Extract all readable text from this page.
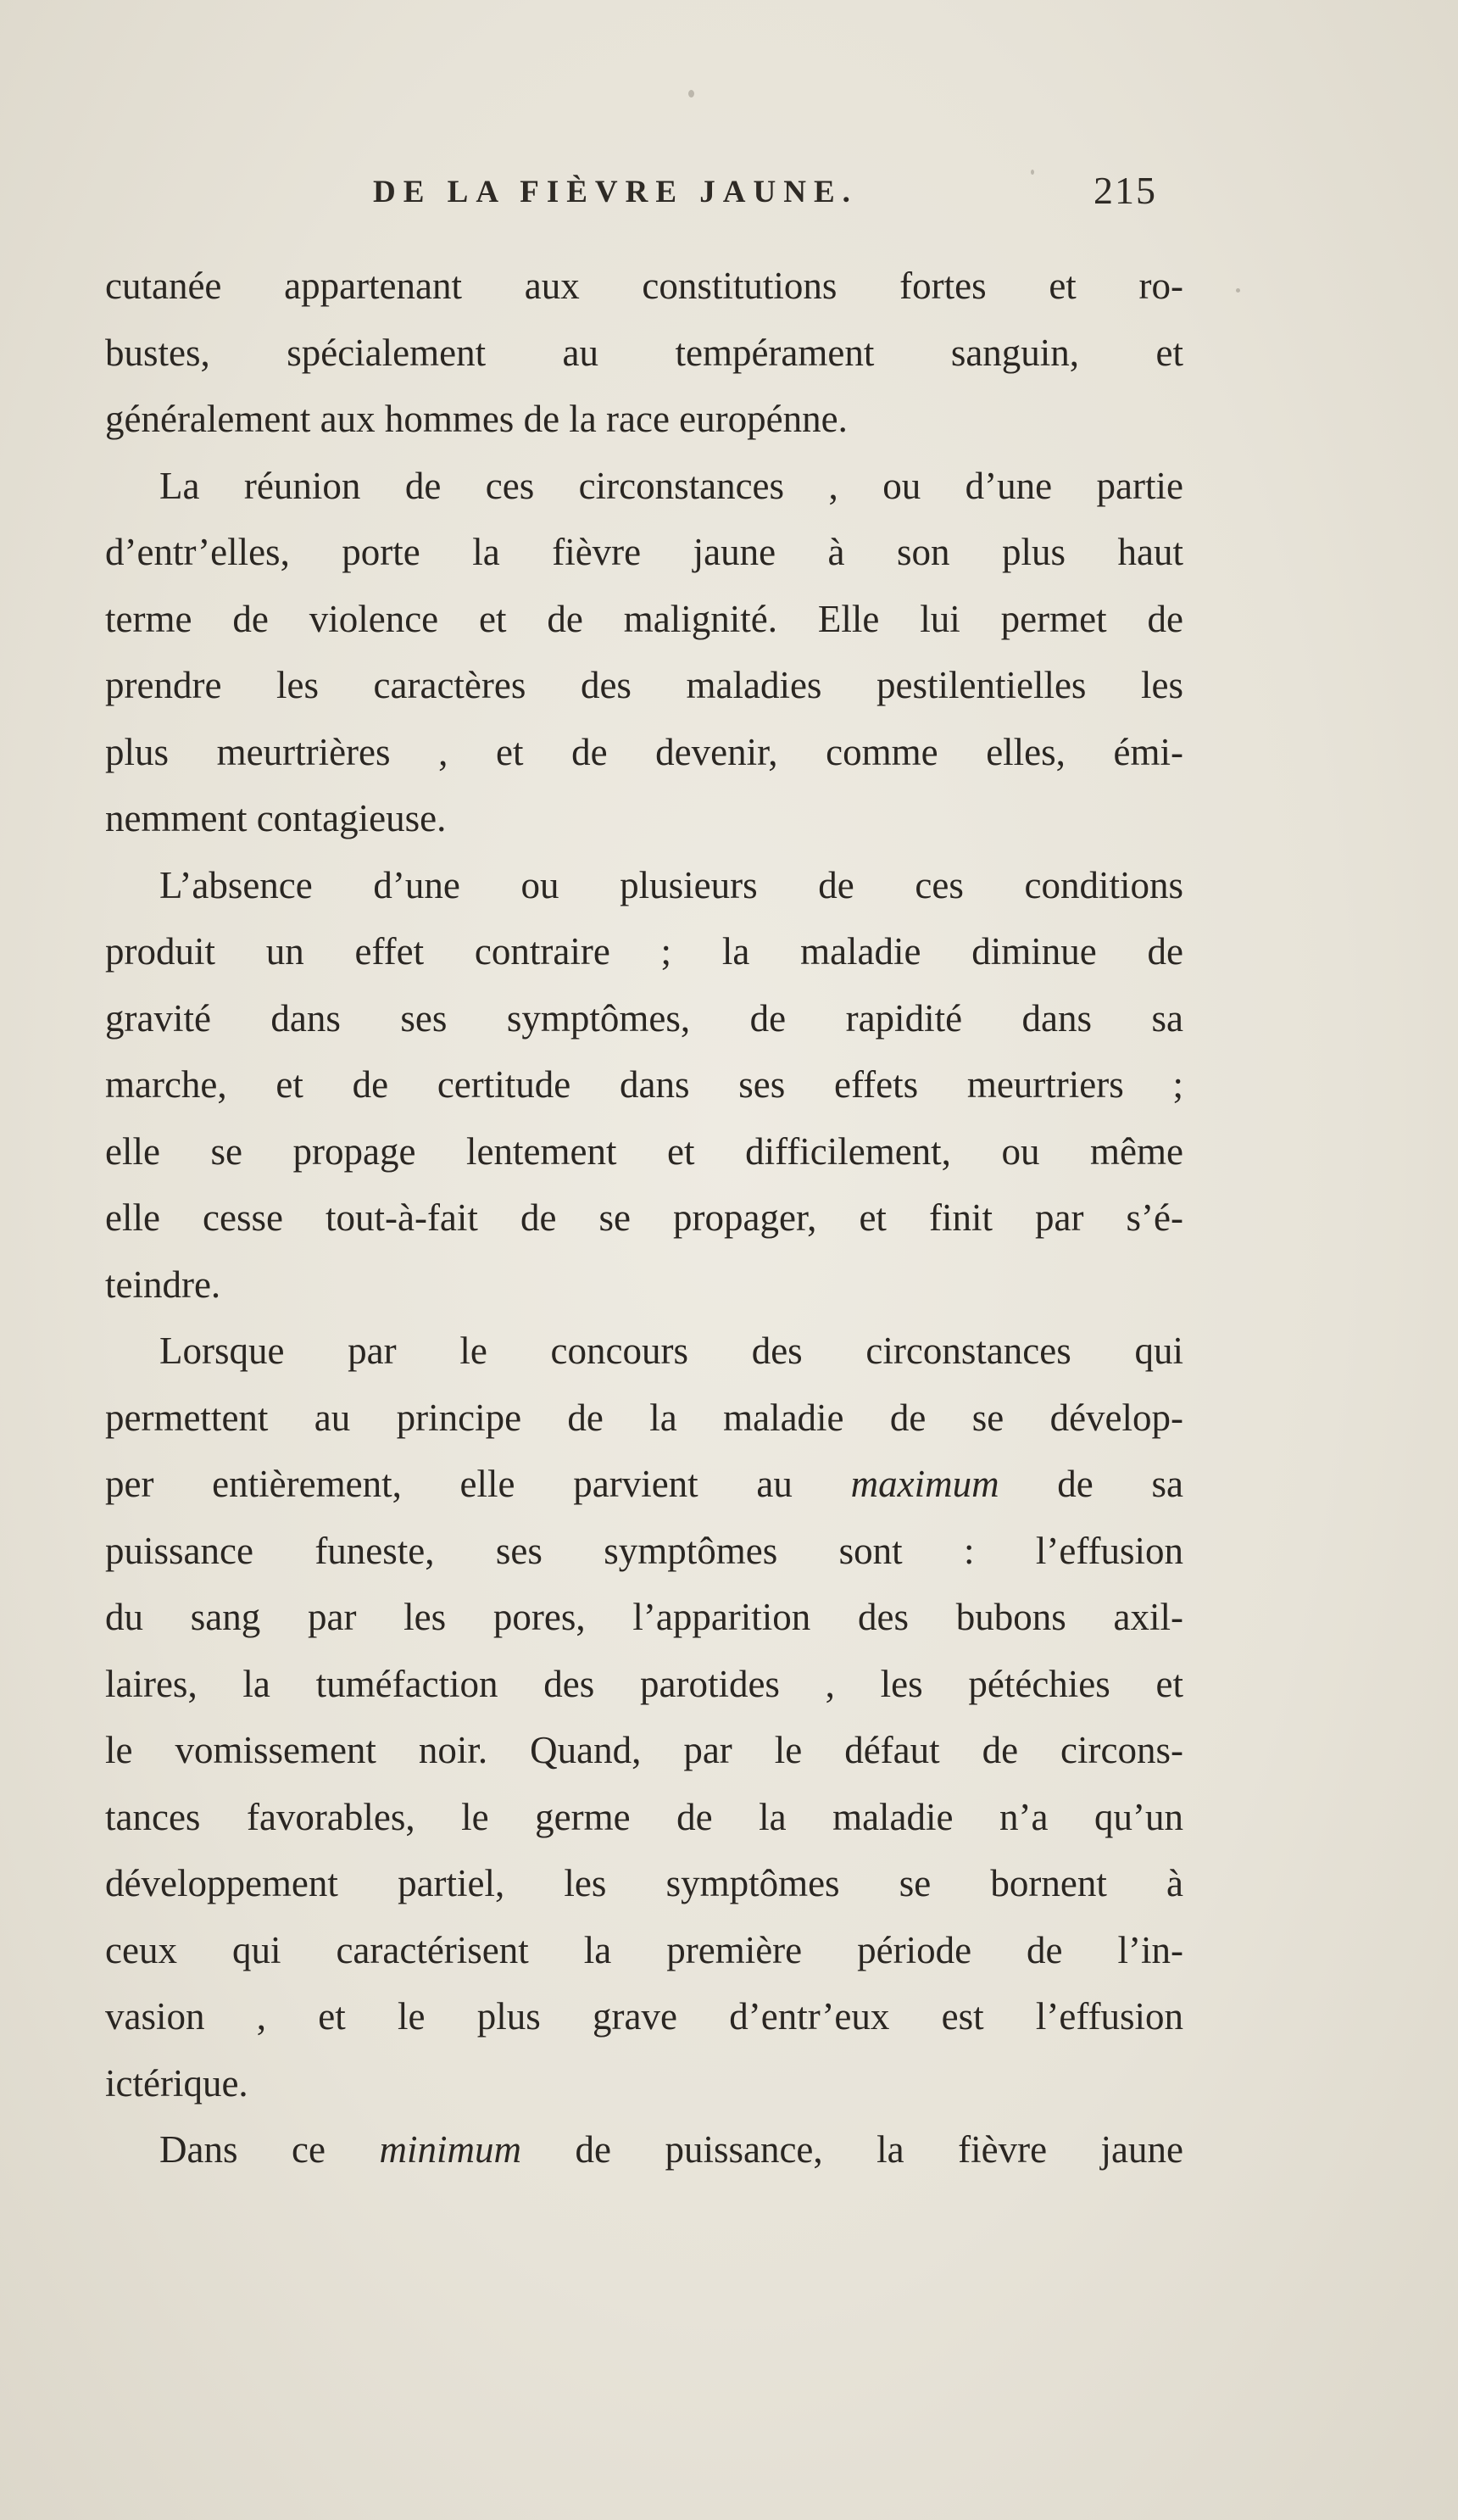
DE LA FIÈVRE JAUNE.	215
cutanée appartenant aux constitutions fortes et ro-
bustes, spécialement au tempérament sanguin, et
généralement aux hommes de la race europénne.
La réunion de ces circonstances , ou d’une partie
d’entr’elles, porte la fièvre jaune à son plus haut
terme de violence et de malignité. Elle lui permet de
prendre les caractères des maladies pestilentielles les
plus meurtrières , et de devenir, comme elles, émi-
nemment contagieuse.
L’absence d’une ou plusieurs de ces conditions
produit un effet contraire ; la maladie diminue de
gravité dans ses symptômes, de rapidité dans sa
marche, et de certitude dans ses effets meurtriers ;
elle se propage lentement et difficilement, ou même
elle cesse tout-à-fait de se propager, et finit par s’é-
teindre.
Lorsque par le concours des circonstances qui
permettent au principe de la maladie de se dévelop-
per entièrement, elle parvient au maximum de sa
puissance funeste, ses symptômes sont : l’effusion
du sang par les pores, l’apparition des bubons axil-
laires, la tuméfaction des parotides , les pétéchies et
le vomissement noir. Quand, par le défaut de circons-
tances favorables, le germe de la maladie n’a qu’un
développement partiel, les symptômes se bornent à
ceux qui caractérisent la première période de l’in-
vasion , et le plus grave d’entr’eux est l’effusion
ictérique.
Dans ce minimum de puissance, la fièvre jaune
